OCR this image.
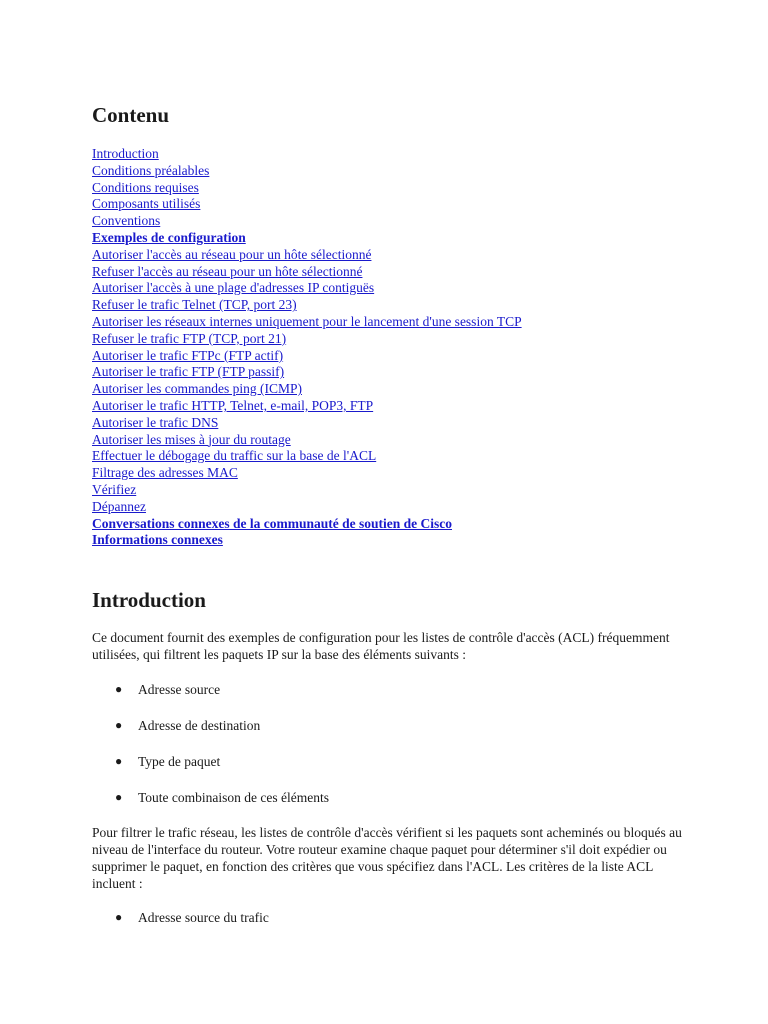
Contenu
Introduction
Conditions préalables
Conditions requises
Composants utilisés
Conventions
Exemples de configuration
Autoriser l'accès au réseau pour un hôte sélectionné
Refuser l'accès au réseau pour un hôte sélectionné
Autoriser l'accès à une plage d'adresses IP contiguës
Refuser le trafic Telnet (TCP, port 23)
Autoriser les réseaux internes uniquement pour le lancement d'une session TCP
Refuser le trafic FTP (TCP, port 21)
Autoriser le trafic FTPc (FTP actif)
Autoriser le trafic FTP (FTP passif)
Autoriser les commandes ping (ICMP)
Autoriser le trafic HTTP, Telnet, e-mail, POP3, FTP
Autoriser le trafic DNS
Autoriser les mises à jour du routage
Effectuer le débogage du traffic sur la base de l'ACL
Filtrage des adresses MAC
Vérifiez
Dépannez
Conversations connexes de la communauté de soutien de Cisco
Informations connexes
Introduction

Ce document fournit des exemples de configuration pour les listes de contrôle d'accès (ACL) fréquemment utilisées, qui filtrent les paquets IP sur la base des éléments suivants :

● Adresse source
● Adresse de destination
● Type de paquet
● Toute combinaison de ces éléments

Pour filtrer le trafic réseau, les listes de contrôle d'accès vérifient si les paquets sont acheminés ou bloqués au niveau de l'interface du routeur. Votre routeur examine chaque paquet pour déterminer s'il doit expédier ou supprimer le paquet, en fonction des critères que vous spécifiez dans l'ACL. Les critères de la liste ACL incluent :

● Adresse source du trafic
